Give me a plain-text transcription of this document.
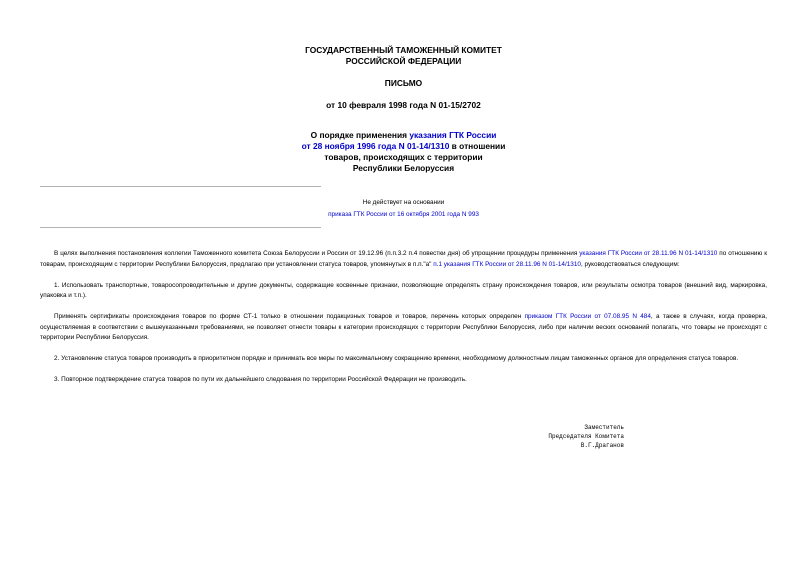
ГОСУДАРСТВЕННЫЙ ТАМОЖЕННЫЙ КОМИТЕТ
РОССИЙСКОЙ ФЕДЕРАЦИИ
ПИСЬМО
от 10 февраля 1998 года N 01-15/2702
О порядке применения указания ГТК России
от 28 ноября 1996 года N 01-14/1310 в отношении
товаров, происходящих с территории
Республики Белоруссия
Не действует на основании
приказа ГТК России от 16 октября 2001 года N 993

В целях выполнения постановления коллегии Таможенного комитета Союза Белоруссии и России от 19.12.96 (п.п.3.2 п.4 повестки дня) об упрощении процедуры применения указания ГТК России от 28.11.96 N 01-14/1310 по отношению к товарам, происходящим с территории Республики Белоруссия, предлагаю при установлении статуса товаров, упомянутых в п.п."а" п.1 указания ГТК России от 28.11.96 N 01-14/1310, руководствоваться следующим:

1. Использовать транспортные, товаросопроводительные и другие документы, содержащие косвенные признаки, позволяющие определять страну происхождения товаров, или результаты осмотра товаров (внешний вид, маркировка, упаковка и т.п.).

Применять сертификаты происхождения товаров по форме СТ-1 только в отношении подакцизных товаров и товаров, перечень которых определен приказом ГТК России от 07.08.95 N 484, а также в случаях, когда проверка, осуществляемая в соответствии с вышеуказанными требованиями, не позволяет отнести товары к категории происходящих с территории Республики Белоруссия, либо при наличии веских оснований полагать, что товары не происходят с территории Республики Белоруссия.

2. Установление статуса товаров производить в приоритетном порядке и принимать все меры по максимальному сокращению времени, необходимому должностным лицам таможенных органов для определения статуса товаров.

3. Повторное подтверждение статуса товаров по пути их дальнейшего следования по территории Российской Федерации не производить.

Заместитель
Председателя Комитета
В.Г.Драганов
